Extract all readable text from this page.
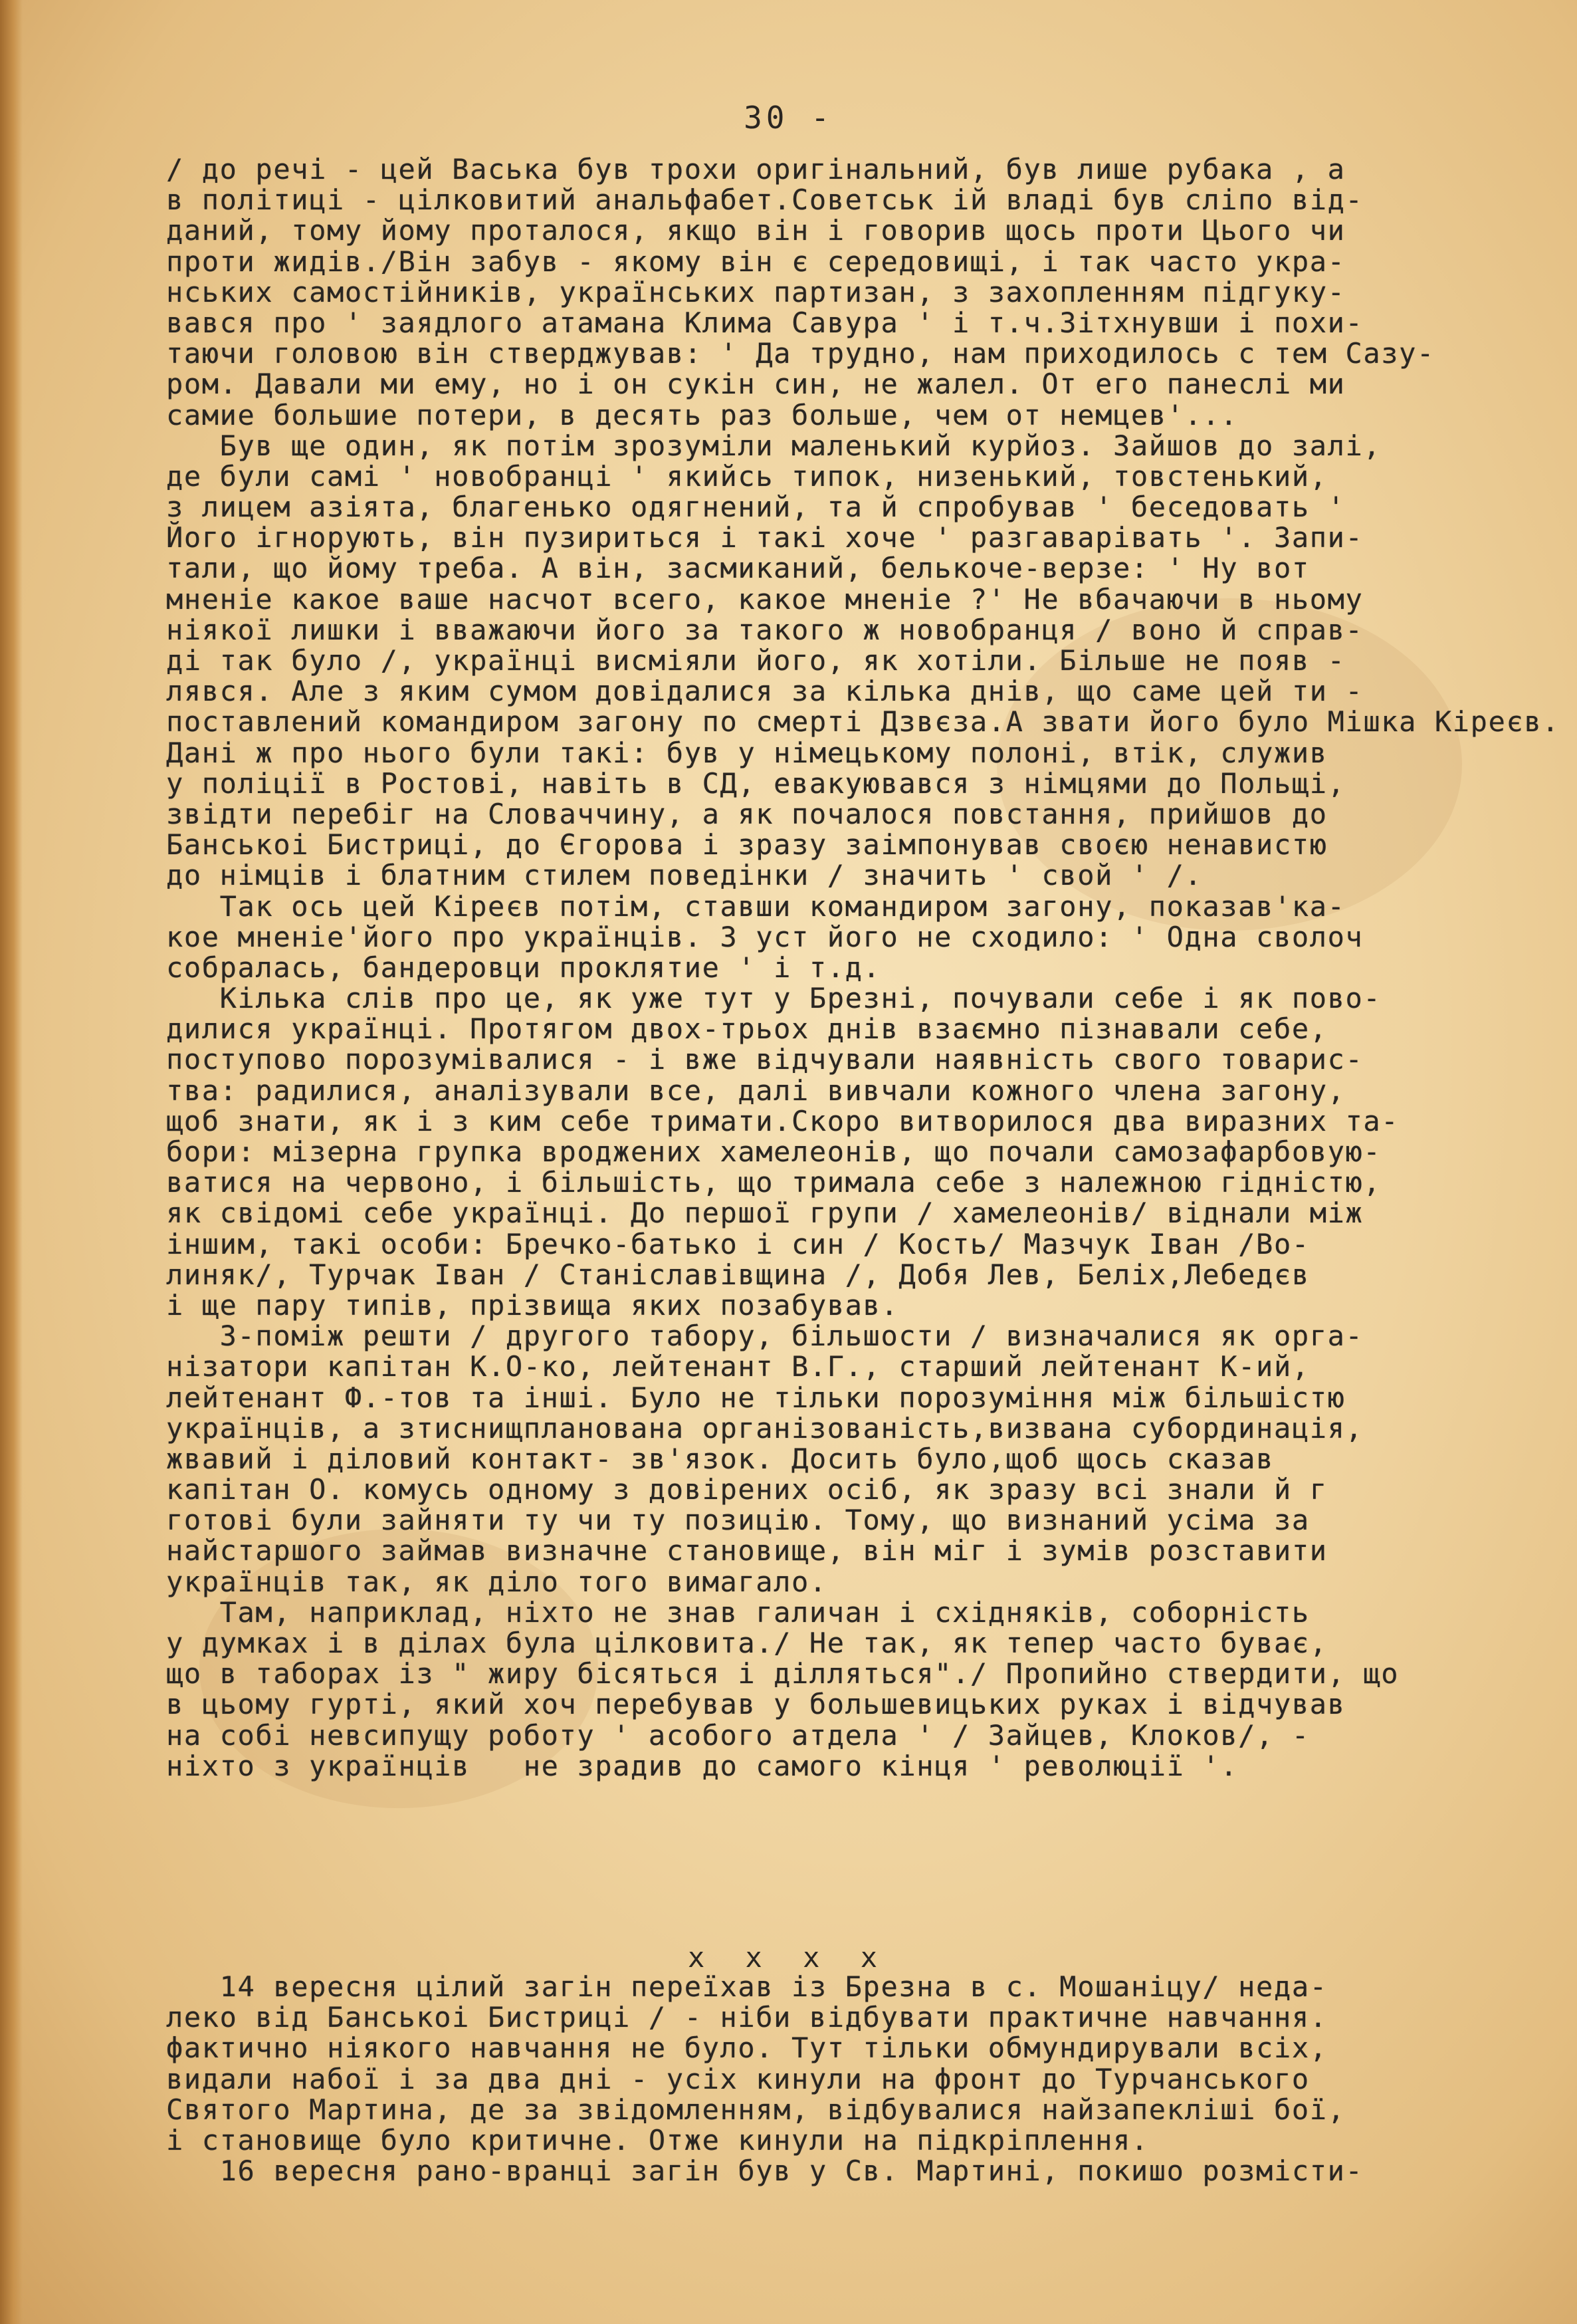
30 -
/ до речі - цей Васька був трохи оригінальний, був лише рубака , а
в політиці - цілковитий анальфабет.Советськ ій владі був сліпо від-
даний, тому йому проталося, якщо він і говорив щось проти Цього чи
проти жидів./Він забув - якому він є середовищі, і так часто укра-
нських самостійників, українських партизан, з захопленням підгуку-
вався про ' заядлого атамана Клима Савура ' і т.ч.Зітхнувши і похи-
таючи головою він стверджував: ' Да трудно, нам приходилось с тем Сазу-
ром. Давали ми ему, но і он сукін син, не жалел. От его панеслі ми
самие большие потери, в десять раз больше, чем от немцев'...
Був ще один, як потім зрозуміли маленький курйоз. Зайшов до залі,
де були самі ' новобранці ' якийсь типок, низенький, товстенький,
з лицем азіята, благенько одягнений, та й спробував ' беседовать '
Його ігнорують, він пузириться і такі хоче ' разгаварівать '. Запи-
тали, що йому треба. А він, засмиканий, белькоче-верзе: ' Ну вот
мненіе какое ваше насчот всего, какое мненіе ?' Не вбачаючи в ньому
ніякої лишки і вважаючи його за такого ж новобранця / воно й справ-
ді так було /, українці висміяли його, як хотіли. Більше не появ -
лявся. Але з яким сумом довідалися за кілька днів, що саме цей ти -
поставлений командиром загону по смерті Дзвєза.А звати його було Мішка Кіреєв.
Дані ж про нього були такі: був у німецькому полоні, втік, служив
у поліції в Ростові, навіть в СД, евакуювався з німцями до Польщі,
звідти перебіг на Словаччину, а як почалося повстання, прийшов до
Банськоі Бистриці, до Єгорова і зразу заімпонував своєю ненавистю
до німців і блатним стилем поведінки / значить ' свой ' /.
Так ось цей Кіреєв потім, ставши командиром загону, показав'ка-
кое мненіе'його про українців. З уст його не сходило: ' Одна сволоч
собралась, бандеровци проклятие ' і т.д.
Кілька слів про це, як уже тут у Брезні, почували себе і як пово-
дилися українці. Протягом двох-трьох днів взаємно пізнавали себе,
поступово порозумівалися - і вже відчували наявність свого товарис-
тва: радилися, аналізували все, далі вивчали кожного члена загону,
щоб знати, як і з ким себе тримати.Скоро витворилося два виразних та-
бори: мізерна групка вроджених хамелеонів, що почали самозафарбовую-
ватися на червоно, і більшість, що тримала себе з належною гідністю,
як свідомі себе українці. До першої групи / хамелеонів/ віднали між
іншим, такі особи: Бречко-батько і син / Кость/ Мазчук Іван /Во-
линяк/, Турчак Іван / Станіславівщина /, Добя Лев, Беліх,Лебедєв
і ще пару типів, прізвища яких позабував.
З-поміж решти / другого табору, більшости / визначалися як орга-
нізатори капітан К.О-ко, лейтенант В.Г., старший лейтенант К-ий,
лейтенант Ф.-тов та інші. Було не тільки порозуміння між більшістю
українців, а зтиснищпланована організованість,визвана субординація,
жвавий і діловий контакт- зв'язок. Досить було,щоб щось сказав
капітан О. комусь одному з довірених осіб, як зразу всі знали й г
готові були зайняти ту чи ту позицію. Тому, що визнаний усіма за
найстаршого займав визначне становище, він міг і зумів розставити
українців так, як діло того вимагало.
Там, наприклад, ніхто не знав галичан і східняків, соборність
у думках і в ділах була цілковита./ Не так, як тепер часто буває,
що в таборах із " жиру бісяться і ділляться"./ Пропийно ствердити, що
в цьому гурті, який хоч перебував у большевицьких руках і відчував
на собі невсипущу роботу ' асобого атдела ' / Зайцев, Клоков/, -
ніхто з українців   не зрадив до самого кінця ' революції '.
x x x x
14 вересня цілий загін переїхав із Брезна в с. Мошаніцу/ неда-
леко від Банськоі Бистриці / - ніби відбувати практичне навчання.
фактично ніякого навчання не було. Тут тільки обмундирували всіх,
видали набої і за два дні - усіх кинули на фронт до Турчанського
Святого Мартина, де за звідомленням, відбувалися найзапекліші бої,
і становище було критичне. Отже кинули на підкріплення.
16 вересня рано-вранці загін був у Св. Мартині, покишо розмісти-
